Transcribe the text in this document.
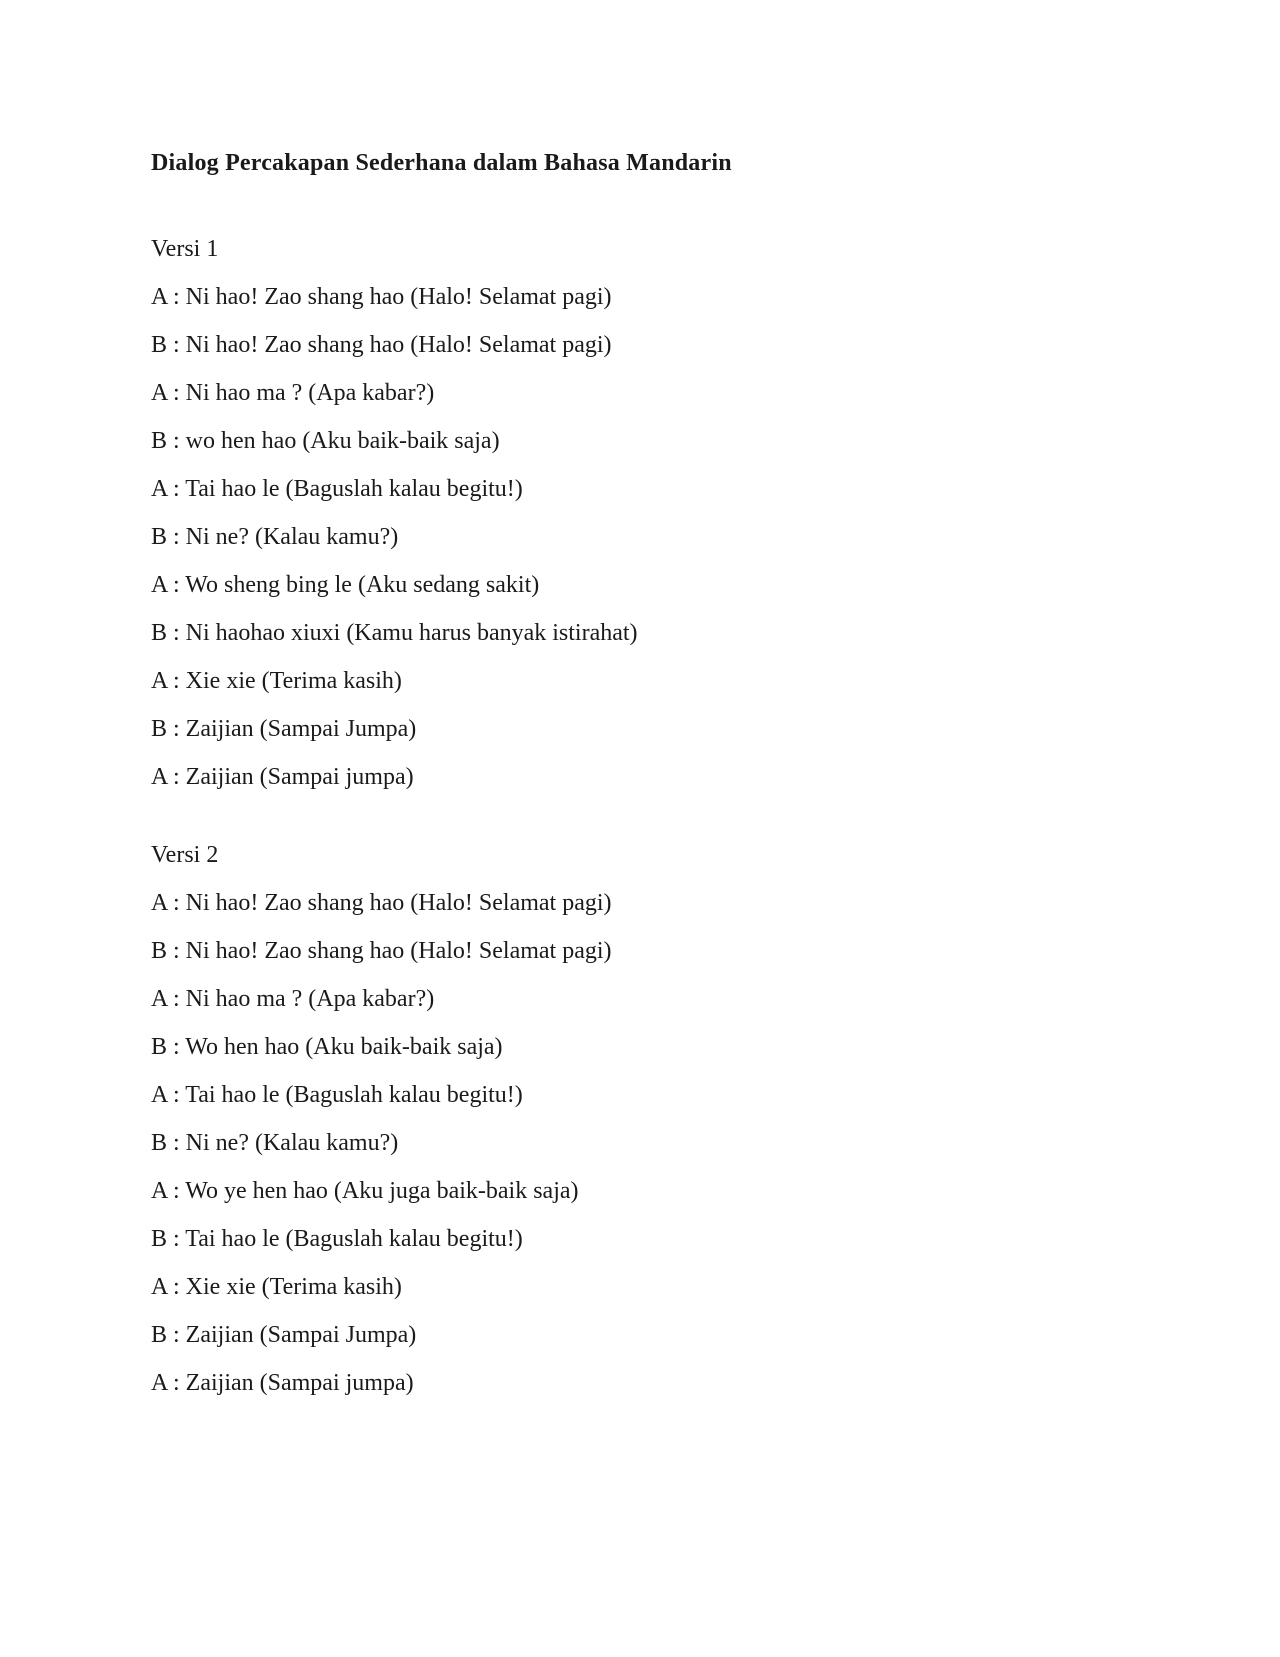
Dialog Percakapan Sederhana dalam Bahasa Mandarin
Versi 1
A : Ni hao! Zao shang hao (Halo! Selamat pagi)
B : Ni hao! Zao shang hao (Halo! Selamat pagi)
A : Ni hao ma ? (Apa kabar?)
B : wo hen hao (Aku baik-baik saja)
A : Tai hao le (Baguslah kalau begitu!)
B : Ni ne? (Kalau kamu?)
A : Wo sheng bing le (Aku sedang sakit)
B : Ni haohao xiuxi (Kamu harus banyak istirahat)
A : Xie xie (Terima kasih)
B : Zaijian (Sampai Jumpa)
A : Zaijian (Sampai jumpa)
Versi 2
A : Ni hao! Zao shang hao (Halo! Selamat pagi)
B : Ni hao! Zao shang hao (Halo! Selamat pagi)
A : Ni hao ma ? (Apa kabar?)
B : Wo hen hao (Aku baik-baik saja)
A : Tai hao le (Baguslah kalau begitu!)
B : Ni ne? (Kalau kamu?)
A : Wo ye hen hao (Aku juga baik-baik saja)
B : Tai hao le (Baguslah kalau begitu!)
A : Xie xie (Terima kasih)
B : Zaijian (Sampai Jumpa)
A : Zaijian (Sampai jumpa)
